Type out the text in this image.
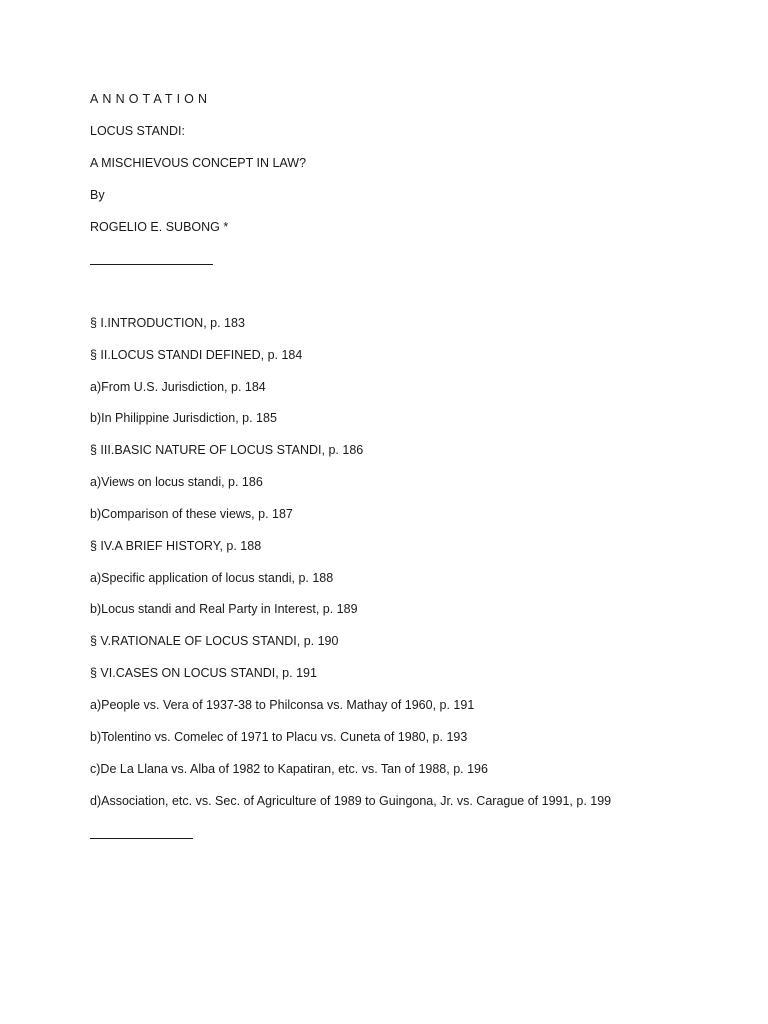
ANNOTATION
LOCUS STANDI:
A MISCHIEVOUS CONCEPT IN LAW?
By
ROGELIO E. SUBONG *
§ I.INTRODUCTION, p. 183
§ II.LOCUS STANDI DEFINED, p. 184
a)From U.S. Jurisdiction, p. 184
b)In Philippine Jurisdiction, p. 185
§ III.BASIC NATURE OF LOCUS STANDI, p. 186
a)Views on locus standi, p. 186
b)Comparison of these views, p. 187
§ IV.A BRIEF HISTORY, p. 188
a)Specific application of locus standi, p. 188
b)Locus standi and Real Party in Interest, p. 189
§ V.RATIONALE OF LOCUS STANDI, p. 190
§ VI.CASES ON LOCUS STANDI, p. 191
a)People vs. Vera of 1937-38 to Philconsa vs. Mathay of 1960, p. 191
b)Tolentino vs. Comelec of 1971 to Placu vs. Cuneta of 1980, p. 193
c)De La Llana vs. Alba of 1982 to Kapatiran, etc. vs. Tan of 1988, p. 196
d)Association, etc. vs. Sec. of Agriculture of 1989 to Guingona, Jr. vs. Carague of 1991, p. 199
